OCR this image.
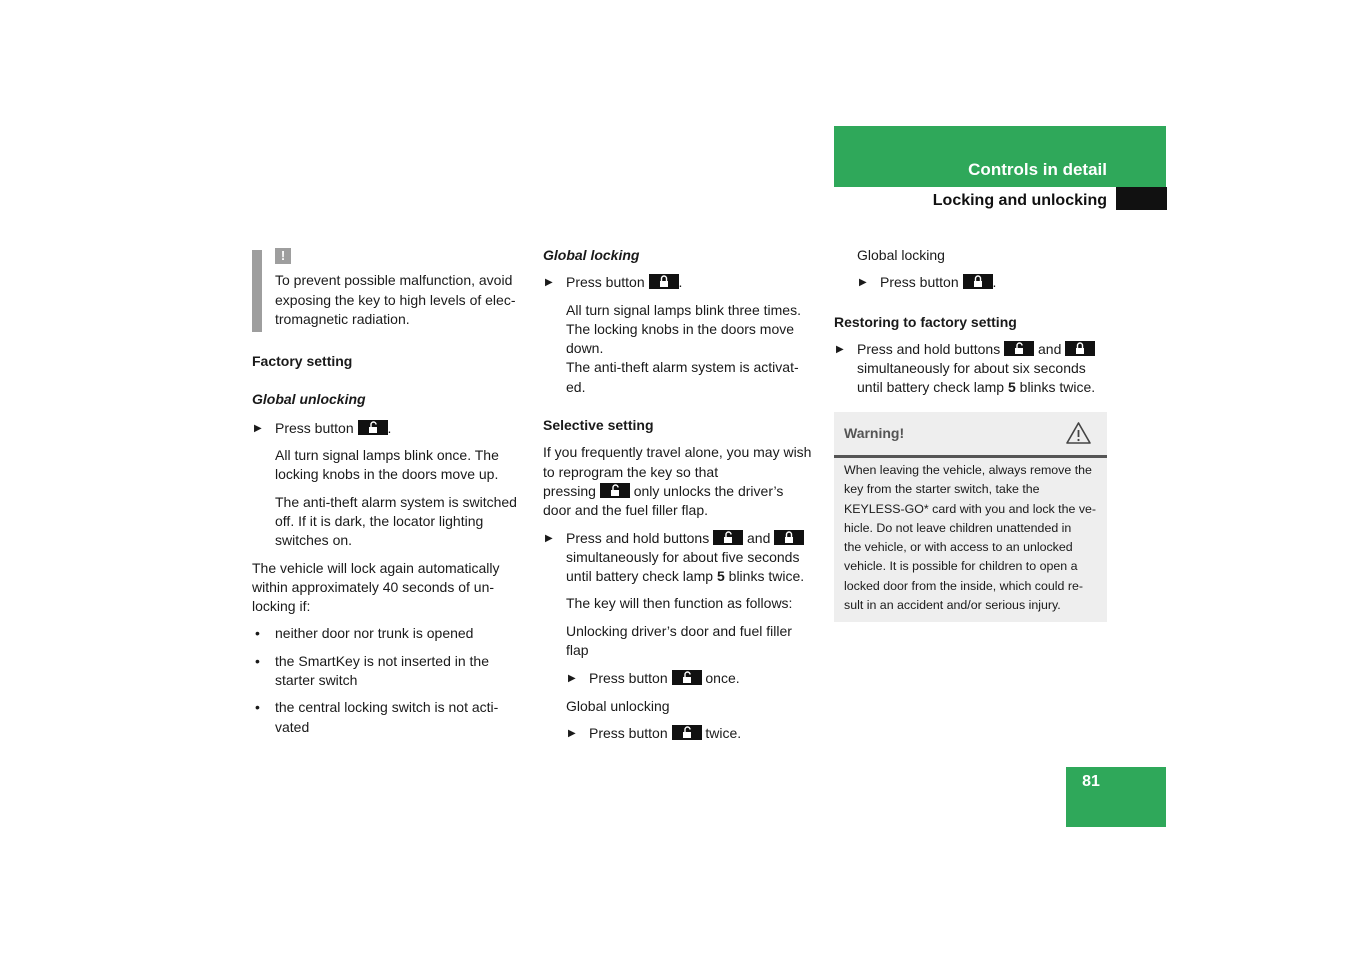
Controls in detail
Locking and unlocking

!

To prevent possible malfunction, avoid

exposing the key to high levels of elec-

tromagnetic radiation.

Factory setting

Global unlocking

▶ Press button .

All turn signal lamps blink once. The

locking knobs in the doors move up.

The anti-theft alarm system is switched

off. If it is dark, the locator lighting

switches on.

The vehicle will lock again automatically

within approximately 40 seconds of un-

locking if:

• neither door nor trunk is opened

• the SmartKey is not inserted in the

starter switch

• the central locking switch is not acti-

vated

Global locking

▶ Press button .

All turn signal lamps blink three times.

The locking knobs in the doors move

down.

The anti-theft alarm system is activat-

ed.

Selective setting

If you frequently travel alone, you may wish

to reprogram the key so that

pressing	only unlocks the driver’s

door and the fuel filler flap.

▶ Press and hold buttons	and

simultaneously for about five seconds

until battery check lamp 5 blinks twice.

The key will then function as follows:

Unlocking driver’s door and fuel filler

flap

▶ Press button	once.

Global unlocking

▶ Press button	twice.

Global locking

▶ Press button .

Restoring to factory setting

▶ Press and hold buttons	and

simultaneously for about six seconds

until battery check lamp 5 blinks twice.

Warning!
When leaving the vehicle, always remove the
key from the starter switch, take the
KEYLESS-GO* card with you and lock the ve-
hicle. Do not leave children unattended in
the vehicle, or with access to an unlocked
vehicle. It is possible for children to open a
locked door from the inside, which could re-
sult in an accident and/or serious injury.
81
